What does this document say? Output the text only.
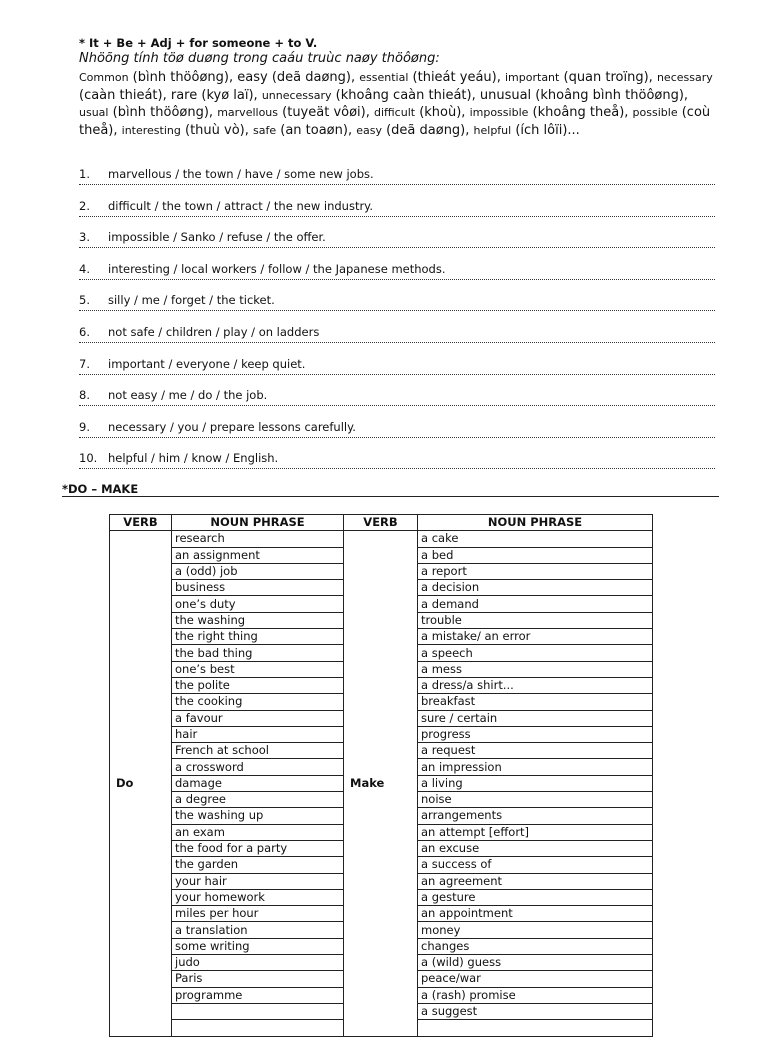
* It + Be + Adj + for someone + to V.
Nhöõng tính töø duøng trong caáu truùc naøy thöôøng:
Common (bình thöôøng), easy (deã daøng), essential (thieát yeáu), important (quan troïng), necessary (caàn thieát), rare (kyø laï), unnecessary (khoâng caàn thieát), unusual (khoâng bình thöôøng), usual (bình thöôøng), marvellous (tuyeät vôøi), difficult (khoù), impossible (khoâng theå), possible (coù theå), interesting (thuù vò), safe (an toaøn), easy (deã daøng), helpful (ích lôïi)...
1. marvellous / the town / have / some new jobs.
2. difficult / the town / attract / the new industry.
3. impossible / Sanko / refuse / the offer.
4. interesting / local workers / follow / the Japanese methods.
5. silly / me / forget / the ticket.
6. not safe / children / play / on ladders
7. important / everyone / keep quiet.
8. not easy / me / do / the job.
9. necessary / you / prepare lessons carefully.
10. helpful / him / know / English.
*DO – MAKE
VERB	NOUN PHRASE	VERB	NOUN PHRASE
Do	research	Make	a cake
	an assignment		a bed
	a (odd) job		a report
	business		a decision
	one’s duty		a demand
	the washing		trouble
	the right thing		a mistake/ an error
	the bad thing		a speech
	one’s best		a mess
	the polite		a dress/a shirt...
	the cooking		breakfast
	a favour		sure / certain
	hair		progress
	French at school		a request
	a crossword		an impression
	damage		a living
	a degree		noise
	the washing up		arrangements
	an exam		an attempt [effort]
	the food for a party		an excuse
	the garden		a success of
	your hair		an agreement
	your homework		a gesture
	miles per hour		an appointment
	a translation		money
	some writing		changes
	judo		a (wild) guess
	Paris		peace/war
	programme		a (rash) promise
			a suggest
